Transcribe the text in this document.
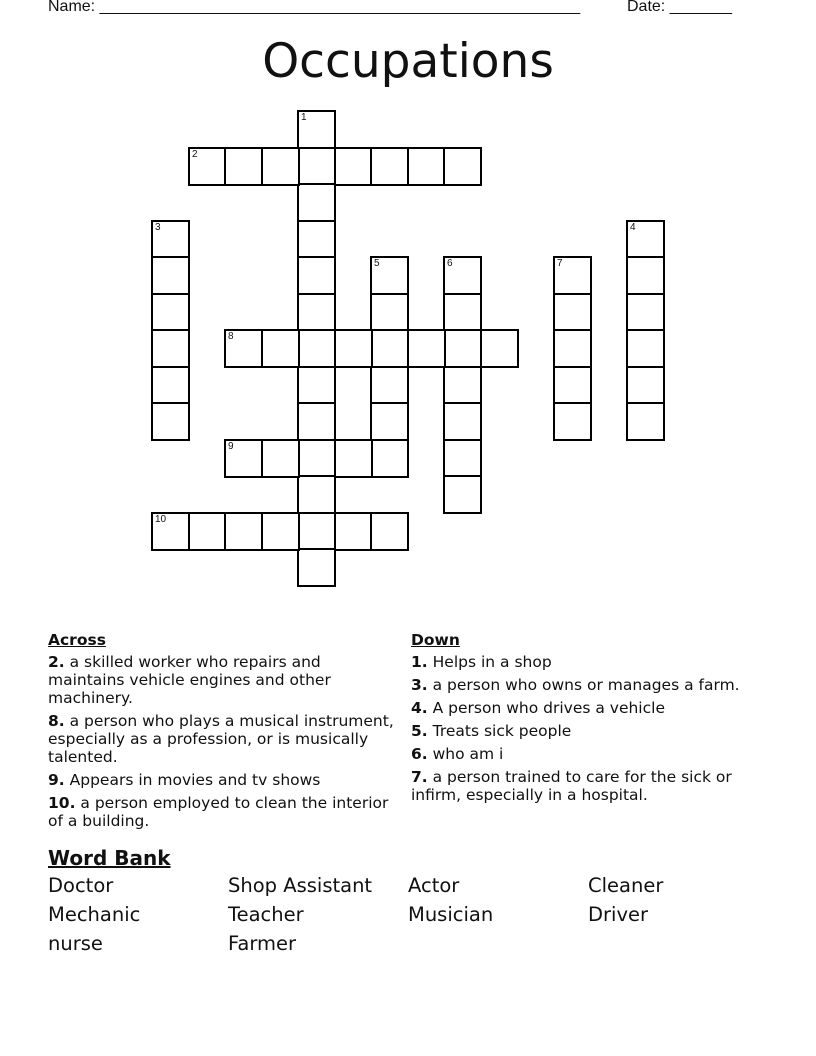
Name: ______________________________________________________	Date: _______
Occupations
1
2
3	4
5	6	7
8
9
10
Across
2. a skilled worker who repairs and maintains vehicle engines and other machinery.
8. a person who plays a musical instrument, especially as a profession, or is musically talented.
9. Appears in movies and tv shows
10. a person employed to clean the interior of a building.
Down
1. Helps in a shop
3. a person who owns or manages a farm.
4. A person who drives a vehicle
5. Treats sick people
6. who am i
7. a person trained to care for the sick or infirm, especially in a hospital.
Word Bank
Doctor	Shop Assistant	Actor	Cleaner
Mechanic	Teacher	Musician	Driver
nurse	Farmer
